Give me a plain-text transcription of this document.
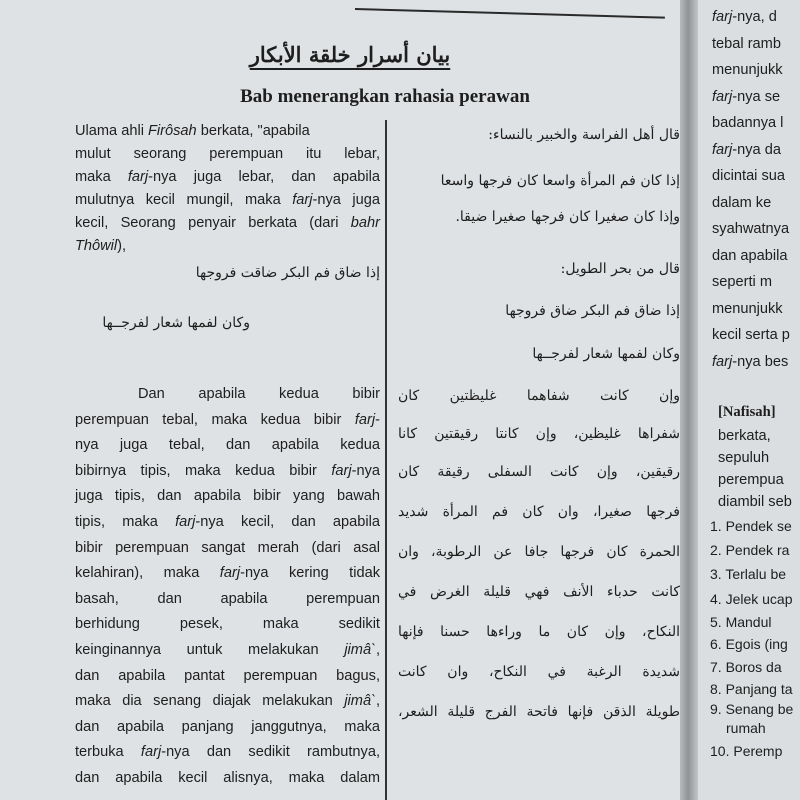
بيان أسرار خلقة الأبكار
Bab menerangkan rahasia perawan
Ulama ahli Firôsah berkata, "apabila
mulut seorang perempuan itu lebar,
maka farj-nya juga lebar, dan apabila
mulutnya kecil mungil, maka farj-nya juga
kecil, Seorang penyair berkata (dari bahr
Thôwil),
إذا ضاق فم البكر ضاقت فروجها
وكان لفمها شعار لفرجــها
Dan apabila kedua bibir
perempuan tebal, maka kedua bibir farj-
nya juga tebal, dan apabila kedua
bibirnya tipis, maka kedua bibir farj-nya
juga tipis, dan apabila bibir yang bawah
tipis, maka farj-nya kecil, dan apabila
bibir perempuan sangat merah (dari asal
kelahiran), maka farj-nya kering tidak
basah, dan apabila perempuan
berhidung pesek, maka sedikit
keinginannya untuk melakukan jimâ`,
dan apabila pantat perempuan bagus,
maka dia senang diajak melakukan jimâ`,
dan apabila panjang janggutnya, maka
terbuka farj-nya dan sedikit rambutnya,
dan apabila kecil alisnya, maka dalam
قال أهل الفراسة والخبير بالنساء:
إذا كان فم المرأة واسعا كان فرجها واسعا
وإذا كان صغيرا كان فرجها صغيرا ضيقا.
قال من بحر الطويل:
إذا ضاق فم البكر ضاق فروجها
وكان لفمها شعار لفرجــها
وإن كانت شفاهما غليظتين كان
شفراها غليظين، وإن كانتا رقيقتين كانا
رقيقين، وإن كانت السفلى رقيقة كان
فرجها صغيرا، وان كان فم المرأة شديد
الحمرة كان فرجها جافا عن الرطوبة، وان
كانت حدباء الأنف فهي قليلة الغرض في
النكاح، وإن كان ما وراءها حسنا فإنها
شديدة الرغبة في النكاح، وان كانت
طويلة الذقن فإنها فاتحة الفرج قليلة الشعر،
farj-nya, d
tebal ramb
menunjukk
farj-nya se
badannya l
farj-nya da
dicintai sua
dalam ke
syahwatnya
dan apabila
seperti m
menunjukk
kecil serta p
farj-nya bes
[Nafisah]
berkata,
sepuluh
perempua
diambil seb
1. Pendek se
2. Pendek ra
3. Terlalu be
4. Jelek ucap
5. Mandul
6. Egois (ing
7. Boros da
8. Panjang ta
9. Senang be
rumah
10. Peremp
